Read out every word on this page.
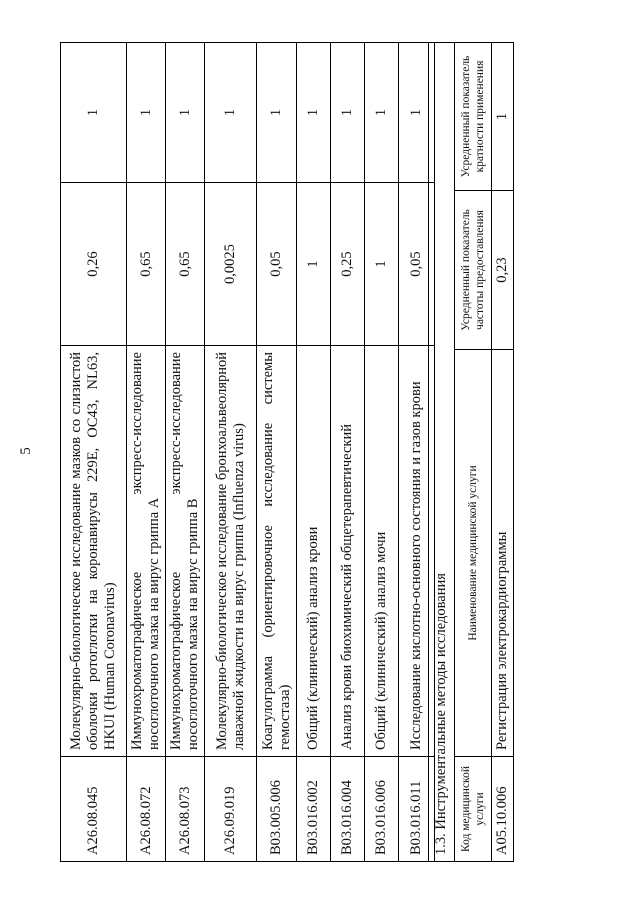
5
A26.08.045	Молекулярно-биологическое исследование мазков со слизистой оболочки ротоглотки на коронавирусы 229E, OC43, NL63, HKUI (Human Coronavirus)	0,26	1
A26.08.072	Иммунохроматографическое экспресс-исследование носоглоточного мазка на вирус гриппа A	0,65	1
A26.08.073	Иммунохроматографическое экспресс-исследование носоглоточного мазка на вирус гриппа B	0,65	1
A26.09.019	Молекулярно-биологическое исследование бронхоальвеолярной лаважной жидкости на вирус гриппа (Influenza virus)	0,0025	1
B03.005.006	Коагулограмма (ориентировочное исследование системы гемостаза)	0,05	1
B03.016.002	Общий (клинический) анализ крови	1	1
B03.016.004	Анализ крови биохимический общетерапевтический	0,25	1
B03.016.006	Общий (клинический) анализ мочи	1	1
B03.016.011	Исследование кислотно-основного состояния и газов крови	0,05	1
1.3. Инструментальные методы исследования			
Код медицинской услуги	Наименование медицинской услуги	Усредненный показатель частоты предоставления	Усредненный показатель кратности применения
A05.10.006	Регистрация электрокардиограммы	0,23	1
